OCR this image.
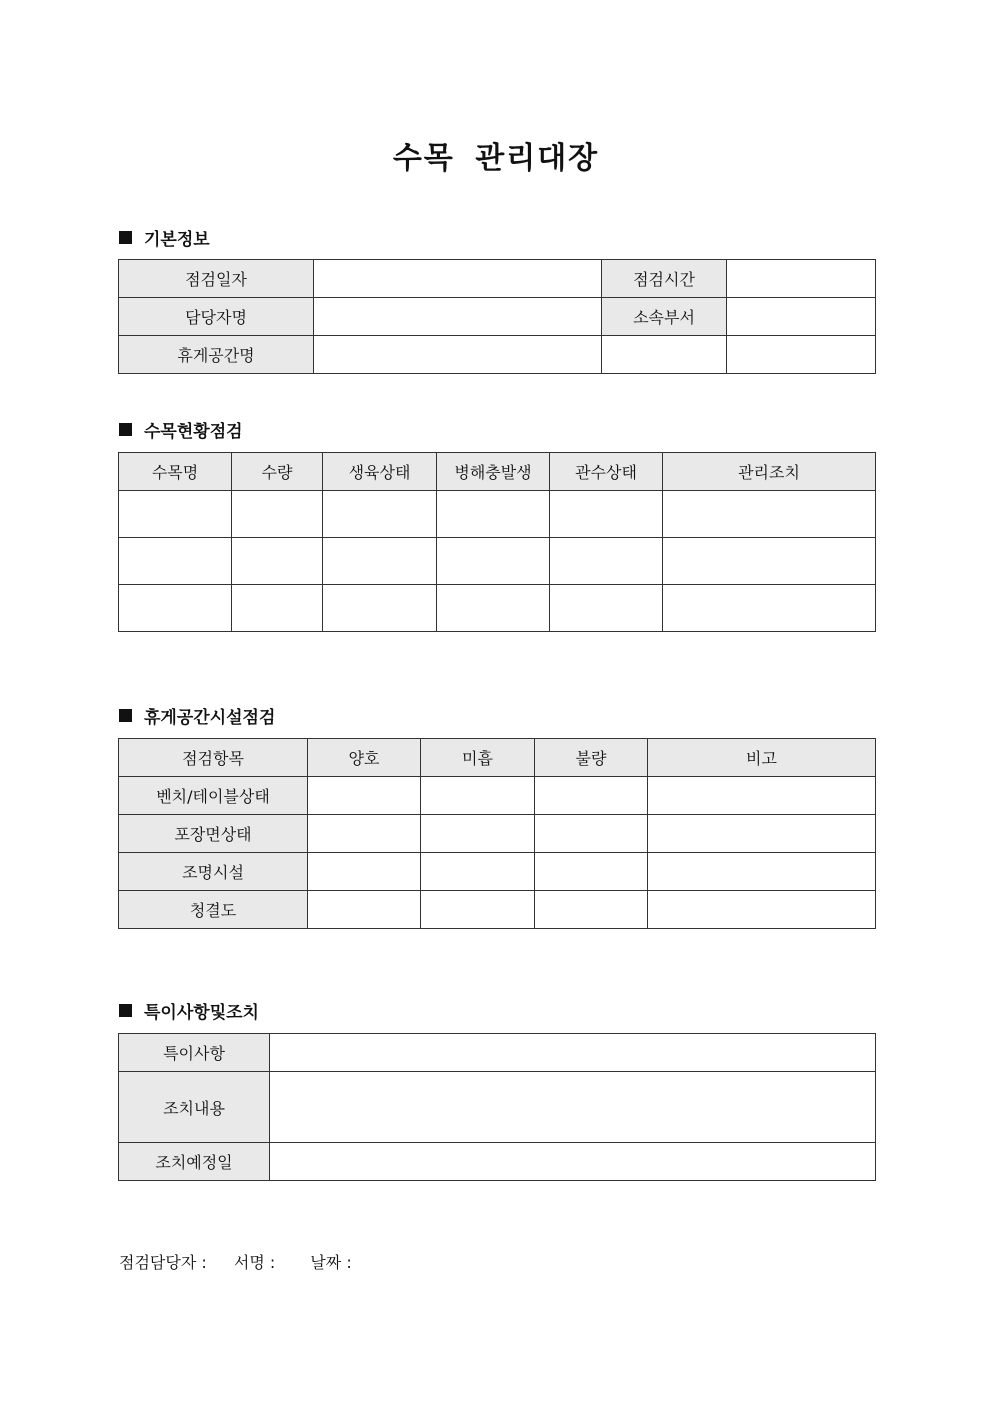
수목 관리대장
기본정보
점검일자		점검시간	
담당자명		소속부서	
휴게공간명			
수목현황점검
수목명	수량	생육상태	병해충발생	관수상태	관리조치

휴게공간시설점검
점검항목	양호	미흡	불량	비고
벤치/테이블상태				
포장면상태				
조명시설				
청결도				
특이사항및조치
특이사항	
조치내용	
조치예정일	
점검담당자 : 서명 : 날짜 :
